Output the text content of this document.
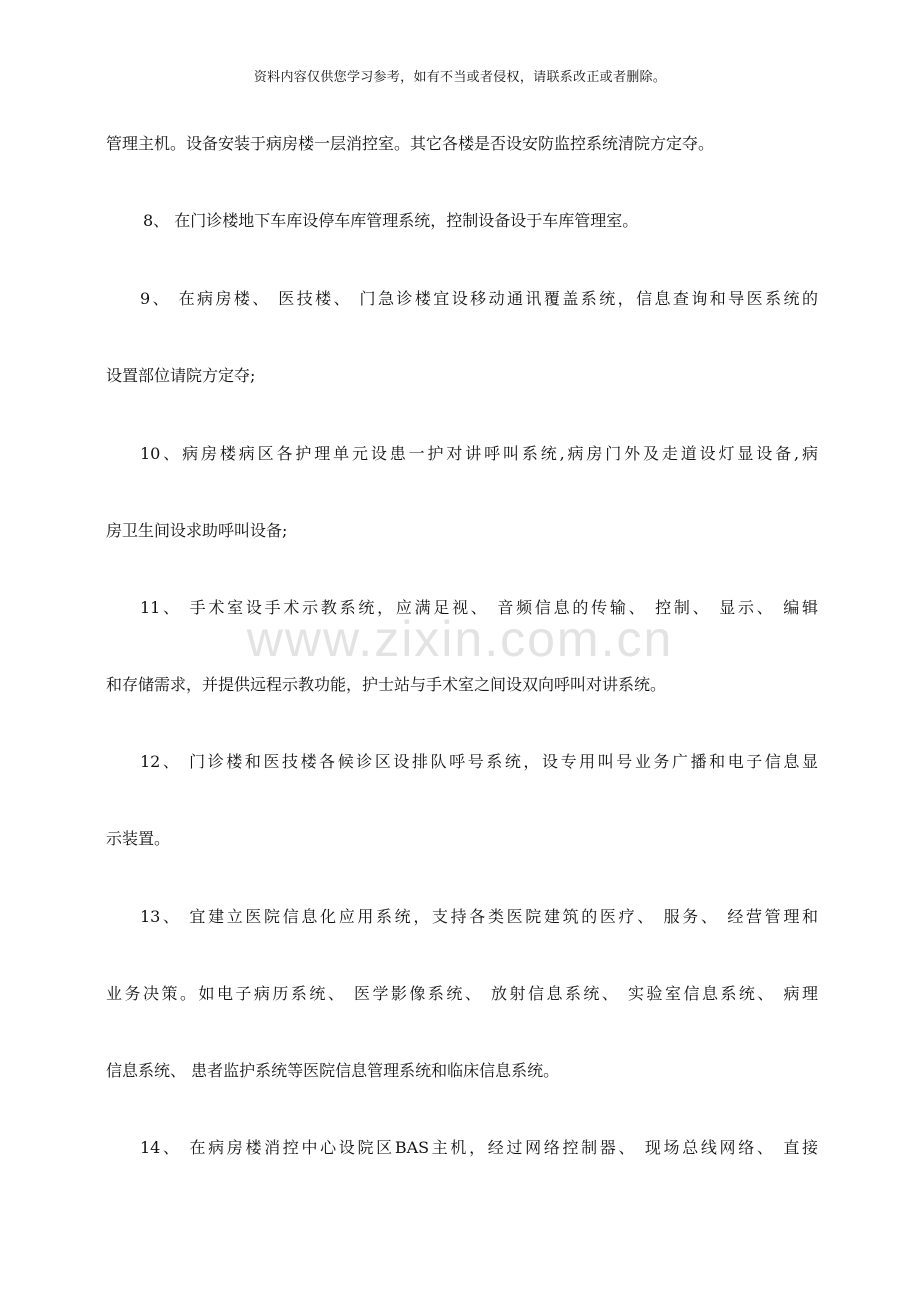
资料内容仅供您学习参考，如有不当或者侵权，请联系改正或者删除。
www.zixin.com.cn
管理主机。设备安装于病房楼一层消控室。其它各楼是否设安防监控系统清院方定夺。
8、 在门诊楼地下车库设停车库管理系统，控制设备设于车库管理室。
9、 在病房楼、 医技楼、 门急诊楼宜设移动通讯覆盖系统，信息查询和导医系统的
设置部位请院方定夺;
10、病房楼病区各护理单元设患一护对讲呼叫系统,病房门外及走道设灯显设备,病
房卫生间设求助呼叫设备;
11、 手术室设手术示教系统，应满足视、 音频信息的传输、 控制、 显示、 编辑
和存储需求，并提供远程示教功能，护士站与手术室之间设双向呼叫对讲系统。
12、 门诊楼和医技楼各候诊区设排队呼号系统，设专用叫号业务广播和电子信息显
示装置。
13、 宜建立医院信息化应用系统，支持各类医院建筑的医疗、 服务、 经营管理和
业务决策。如电子病历系统、 医学影像系统、 放射信息系统、 实验室信息系统、 病理
信息系统、 患者监护系统等医院信息管理系统和临床信息系统。
14、 在病房楼消控中心设院区BAS主机，经过网络控制器、 现场总线网络、 直接
